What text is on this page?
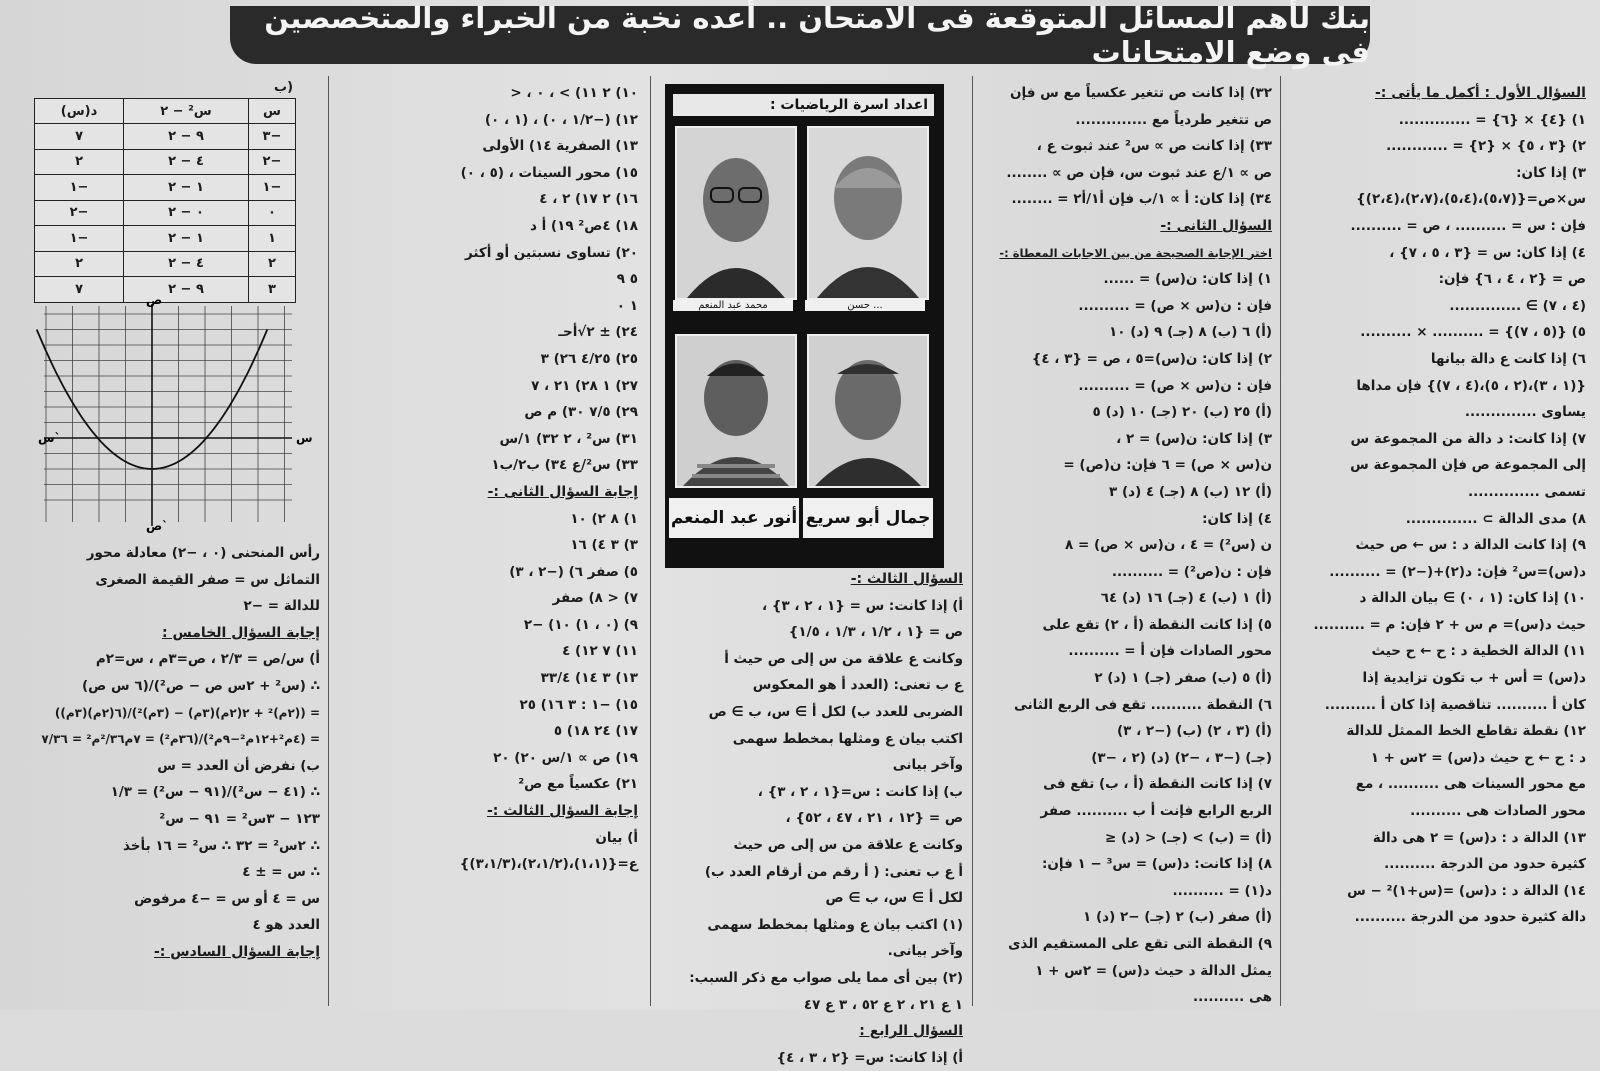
بنك لأهم المسائل المتوقعة فى الامتحان .. أعده نخبة من الخبراء والمتخصصين فى وضع الامتحانات
السؤال الأول : أكمل ما يأتى :-
١) {٤} × {٦} = ..............
٢) {٣ ، ٥} × {٢} = ............
٣) إذا كان:
س×ص={(٥،٧)،(٥،٤)،(٢،٧)،(٢،٤)}
فإن : س = .......... ، ص = ..........
٤) إذا كان: س = {٣ ، ٥ ، ٧} ،
ص = {٢ ، ٤ ، ٦} فإن:
(٤ ، ٧) ∋ ..............
٥) {(٥ ، ٧)} = .......... × ..........
٦) إذا كانت ع دالة بيانها
{(١ ، ٣)،(٢ ، ٥)،(٤ ، ٧)} فإن مداها
يساوى ..............
٧) إذا كانت: د دالة من المجموعة س
إلى المجموعة ص فإن المجموعة س
تسمى ..............
٨) مدى الدالة ⊃ ..............
٩) إذا كانت الدالة د : س ← ص حيث
د(س)=س² فإن: د(٢)+(−٢) = ..........
١٠) إذا كان: (١ ، ٠) ∋ بيان الدالة د
حيث د(س)= م س + ٢ فإن: م = ..........
١١) الدالة الخطية د : ح ← ح حيث
د(س) = أس + ب تكون تزايدية إذا
كان أ .......... تناقصية إذا كان أ ..........
١٢) نقطة تقاطع الخط الممثل للدالة
د : ح ← ح حيث د(س) = ٢س + ١
مع محور السينات هى .......... ، مع
محور الصادات هى ..........
١٣) الدالة د : د(س) = ٢ هى دالة
كثيرة حدود من الدرجة ..........
١٤) الدالة د : د(س) =(س+١)² − س
دالة كثيرة حدود من الدرجة ..........
٣٢) إذا كانت ص تتغير عكسياً مع س فإن
ص تتغير طردياً مع ..............
٣٣) إذا كانت ص ∝ س² عند ثبوت ع ،
ص ∝ ١/ع عند ثبوت س، فإن ص ∝ ........
٣٤) إذا كان: أ ∝ ١/ب فإن أ١/أ٢ = ........
السؤال الثانى :-
اختر الإجابة الصحيحة من بين الاجابات المعطاة :-
١) إذا كان: ن(س) = ......
فإن : ن(س × ص) = ..........
(أ) ٦ (ب) ٨ (جـ) ٩ (د) ١٠
٢) إذا كان: ن(س)=٥ ، ص = {٣ ، ٤}
فإن : ن(س × ص) = ..........
(أ) ٢٥ (ب) ٢٠ (جـ) ١٠ (د) ٥
٣) إذا كان: ن(س) = ٢ ،
ن(س × ص) = ٦ فإن: ن(ص) =
(أ) ١٢ (ب) ٨ (جـ) ٤ (د) ٣
٤) إذا كان:
ن (س²) = ٤ ، ن(س × ص) = ٨
فإن : ن(ص²) = ..........
(أ) ١ (ب) ٤ (جـ) ١٦ (د) ٦٤
٥) إذا كانت النقطة (أ ، ٢) تقع على
محور الصادات فإن أ = ..........
(أ) ٥ (ب) صفر (جـ) ١ (د) ٢
٦) النقطة .......... تقع فى الربع الثانى
(أ) (٣ ، ٢) (ب) (−٢ ، ٣)
(جـ) (−٣ ، −٢) (د) (٢ ، −٣)
٧) إذا كانت النقطة (أ ، ب) تقع فى
الربع الرابع فإنت أ ب .......... صفر
(أ) = (ب) > (جـ) < (د) ≤
٨) إذا كانت: د(س) = س³ − ١ فإن:
د(١) = ..........
(أ) صفر (ب) ٢ (جـ) −٢ (د) ١
٩) النقطة التى تقع على المستقيم الذى
يمثل الدالة د حيث د(س) = ٢س + ١
هى ..........
اعداد اسرة الرياضيات :
محمد عبد المنعم	... حسن
أنور عبد المنعم جمال أبو سريع
السؤال الثالث :-
أ) إذا كانت: س = {١ ، ٢ ، ٣} ،
ص = {١ ، ١/٢ ، ١/٣ ، ١/٥}
وكانت ع علاقة من س إلى ص حيث أ
ع ب تعنى: (العدد أ هو المعكوس
الضربى للعدد ب) لكل أ ∋ س، ب ∋ ص
اكتب بيان ع ومثلها بمخطط سهمى
وآخر بيانى
ب) إذا كانت : س={١ ، ٢ ، ٣} ،
ص = {١٢ ، ٢١ ، ٤٧ ، ٥٢} ،
وكانت ع علاقة من س إلى ص حيث
أ ع ب تعنى: ( أ رقم من أرقام العدد ب)
لكل أ ∋ س، ب ∋ ص
(١) اكتب بيان ع ومثلها بمخطط سهمى
وآخر بيانى.
(٢) بين أى مما يلى صواب مع ذكر السبب:
١ ع ٢١ ، ٢ ع ٥٢ ، ٣ ع ٤٧
السؤال الرابع :
أ) إذا كانت: س= {٢ ، ٣ ، ٤}
١٠) ٢ ١١) > ، ٠ ، <
١٢) (−١/٢ ، ٠) ، (١ ، ٠)
١٣) الصفرية ١٤) الأولى
١٥) محور السينات ، (٥ ، ٠)
١٦) ٢ ١٧) ٢ ، ٤
١٨) ٤ص² ١٩) أ د
٢٠) تساوى نسبتين أو أكثر
٥ ٩
١ ٠
٢٤) ± ٢√أحـ
٢٥) ٤/٢٥ ٢٦) ٣
٢٧) ١ ٢٨) ٢١ ، ٧
٢٩) ٧/٥ ٣٠) م ص
٣١) س² ، ٢ ٣٢) ١/س
٣٣) س²/ع ٣٤) ب٢/ب١
إجابة السؤال الثانى :-
١) ٨ ٢) ١٠
٣) ٣ ٤) ١٦
٥) صفر ٦) (−٢ ، ٣)
٧) < ٨) صفر
٩) (٠ ، ١) ١٠) −٢
١١) ٧ ١٢) ٤
١٣) ٣ ١٤) ٣٣/٤
١٥) −١ : ٣ ١٦) ٢٥
١٧) ٢٤ ١٨) ٥
١٩) ص ∝ ١/س ٢٠) ٢٠
٢١) عكسياً مع ص²
إجابة السؤال الثالث :-
أ) بيان
ع={(١،١)،(٢،١/٢)،(٣،١/٣)}
ب)
س	س² − ٢	د(س)
−٣	٩ − ٢	٧
−٢	٤ − ٢	٢
−١	١ − ٢	−١
٠	٠ − ٢	−٢
١	١ − ٢	−١
٢	٤ − ٢	٢
٣	٩ − ٢	٧
س
س`
ص
ص`
رأس المنحنى (٠ ، −٢) معادلة محور
التماثل س = صفر القيمة الصغرى
للدالة = −٢
إجابة السؤال الخامس :
أ) س/ص = ٢/٣ ، ص=٣م ، س=٢م
∴ (س² + ٢س ص − ص²)/(٦ س ص)
= ((٢م)² + ٢(٢م)(٣م) − (٣م)²)/(٦(٢م)(٣م))
= (٤م²+١٢م²−٩م²)/(٣٦م²) = ٧م²/٣٦م² = ٧/٣٦
ب) نفرض أن العدد = س
∴ (٤١ − س²)/(٩١ − س²) = ١/٣
١٢٣ − ٣س² = ٩١ − س²
∴ ٢س² = ٣٢ ∴ س² = ١٦ بأخذ
∴ س = ± ٤
س = ٤ أو س = −٤ مرفوض
العدد هو ٤
إجابة السؤال السادس :-
